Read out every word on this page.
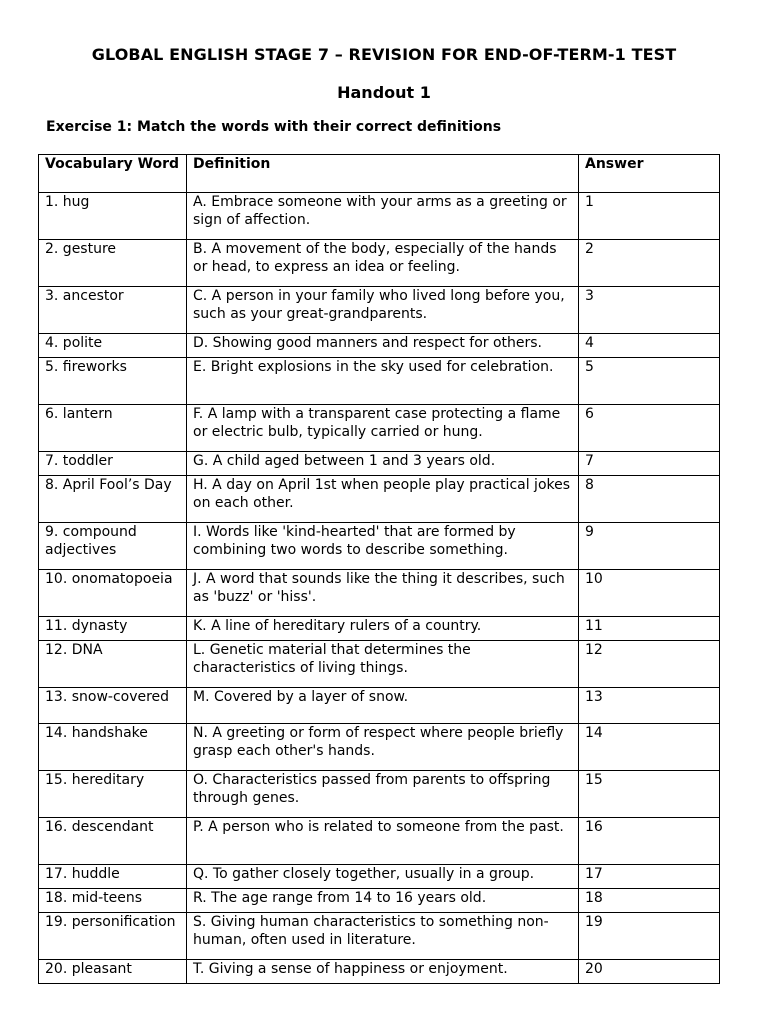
GLOBAL ENGLISH STAGE 7 – REVISION FOR END-OF-TERM-1 TEST
Handout 1
Exercise 1: Match the words with their correct definitions
Vocabulary Word	Definition	Answer
1. hug	A. Embrace someone with your arms as a greeting or sign of affection.	1
2. gesture	B. A movement of the body, especially of the hands or head, to express an idea or feeling.	2
3. ancestor	C. A person in your family who lived long before you, such as your great-grandparents.	3
4. polite	D. Showing good manners and respect for others.	4
5. fireworks	E. Bright explosions in the sky used for celebration.	5
6. lantern	F. A lamp with a transparent case protecting a flame or electric bulb, typically carried or hung.	6
7. toddler	G. A child aged between 1 and 3 years old.	7
8. April Fool’s Day	H. A day on April 1st when people play practical jokes on each other.	8
9. compound adjectives	I. Words like 'kind-hearted' that are formed by combining two words to describe something.	9
10. onomatopoeia	J. A word that sounds like the thing it describes, such as 'buzz' or 'hiss'.	10
11. dynasty	K. A line of hereditary rulers of a country.	11
12. DNA	L. Genetic material that determines the characteristics of living things.	12
13. snow-covered	M. Covered by a layer of snow.	13
14. handshake	N. A greeting or form of respect where people briefly grasp each other's hands.	14
15. hereditary	O. Characteristics passed from parents to offspring through genes.	15
16. descendant	P. A person who is related to someone from the past.	16
17. huddle	Q. To gather closely together, usually in a group.	17
18. mid-teens	R. The age range from 14 to 16 years old.	18
19. personification	S. Giving human characteristics to something non-human, often used in literature.	19
20. pleasant	T. Giving a sense of happiness or enjoyment.	20
